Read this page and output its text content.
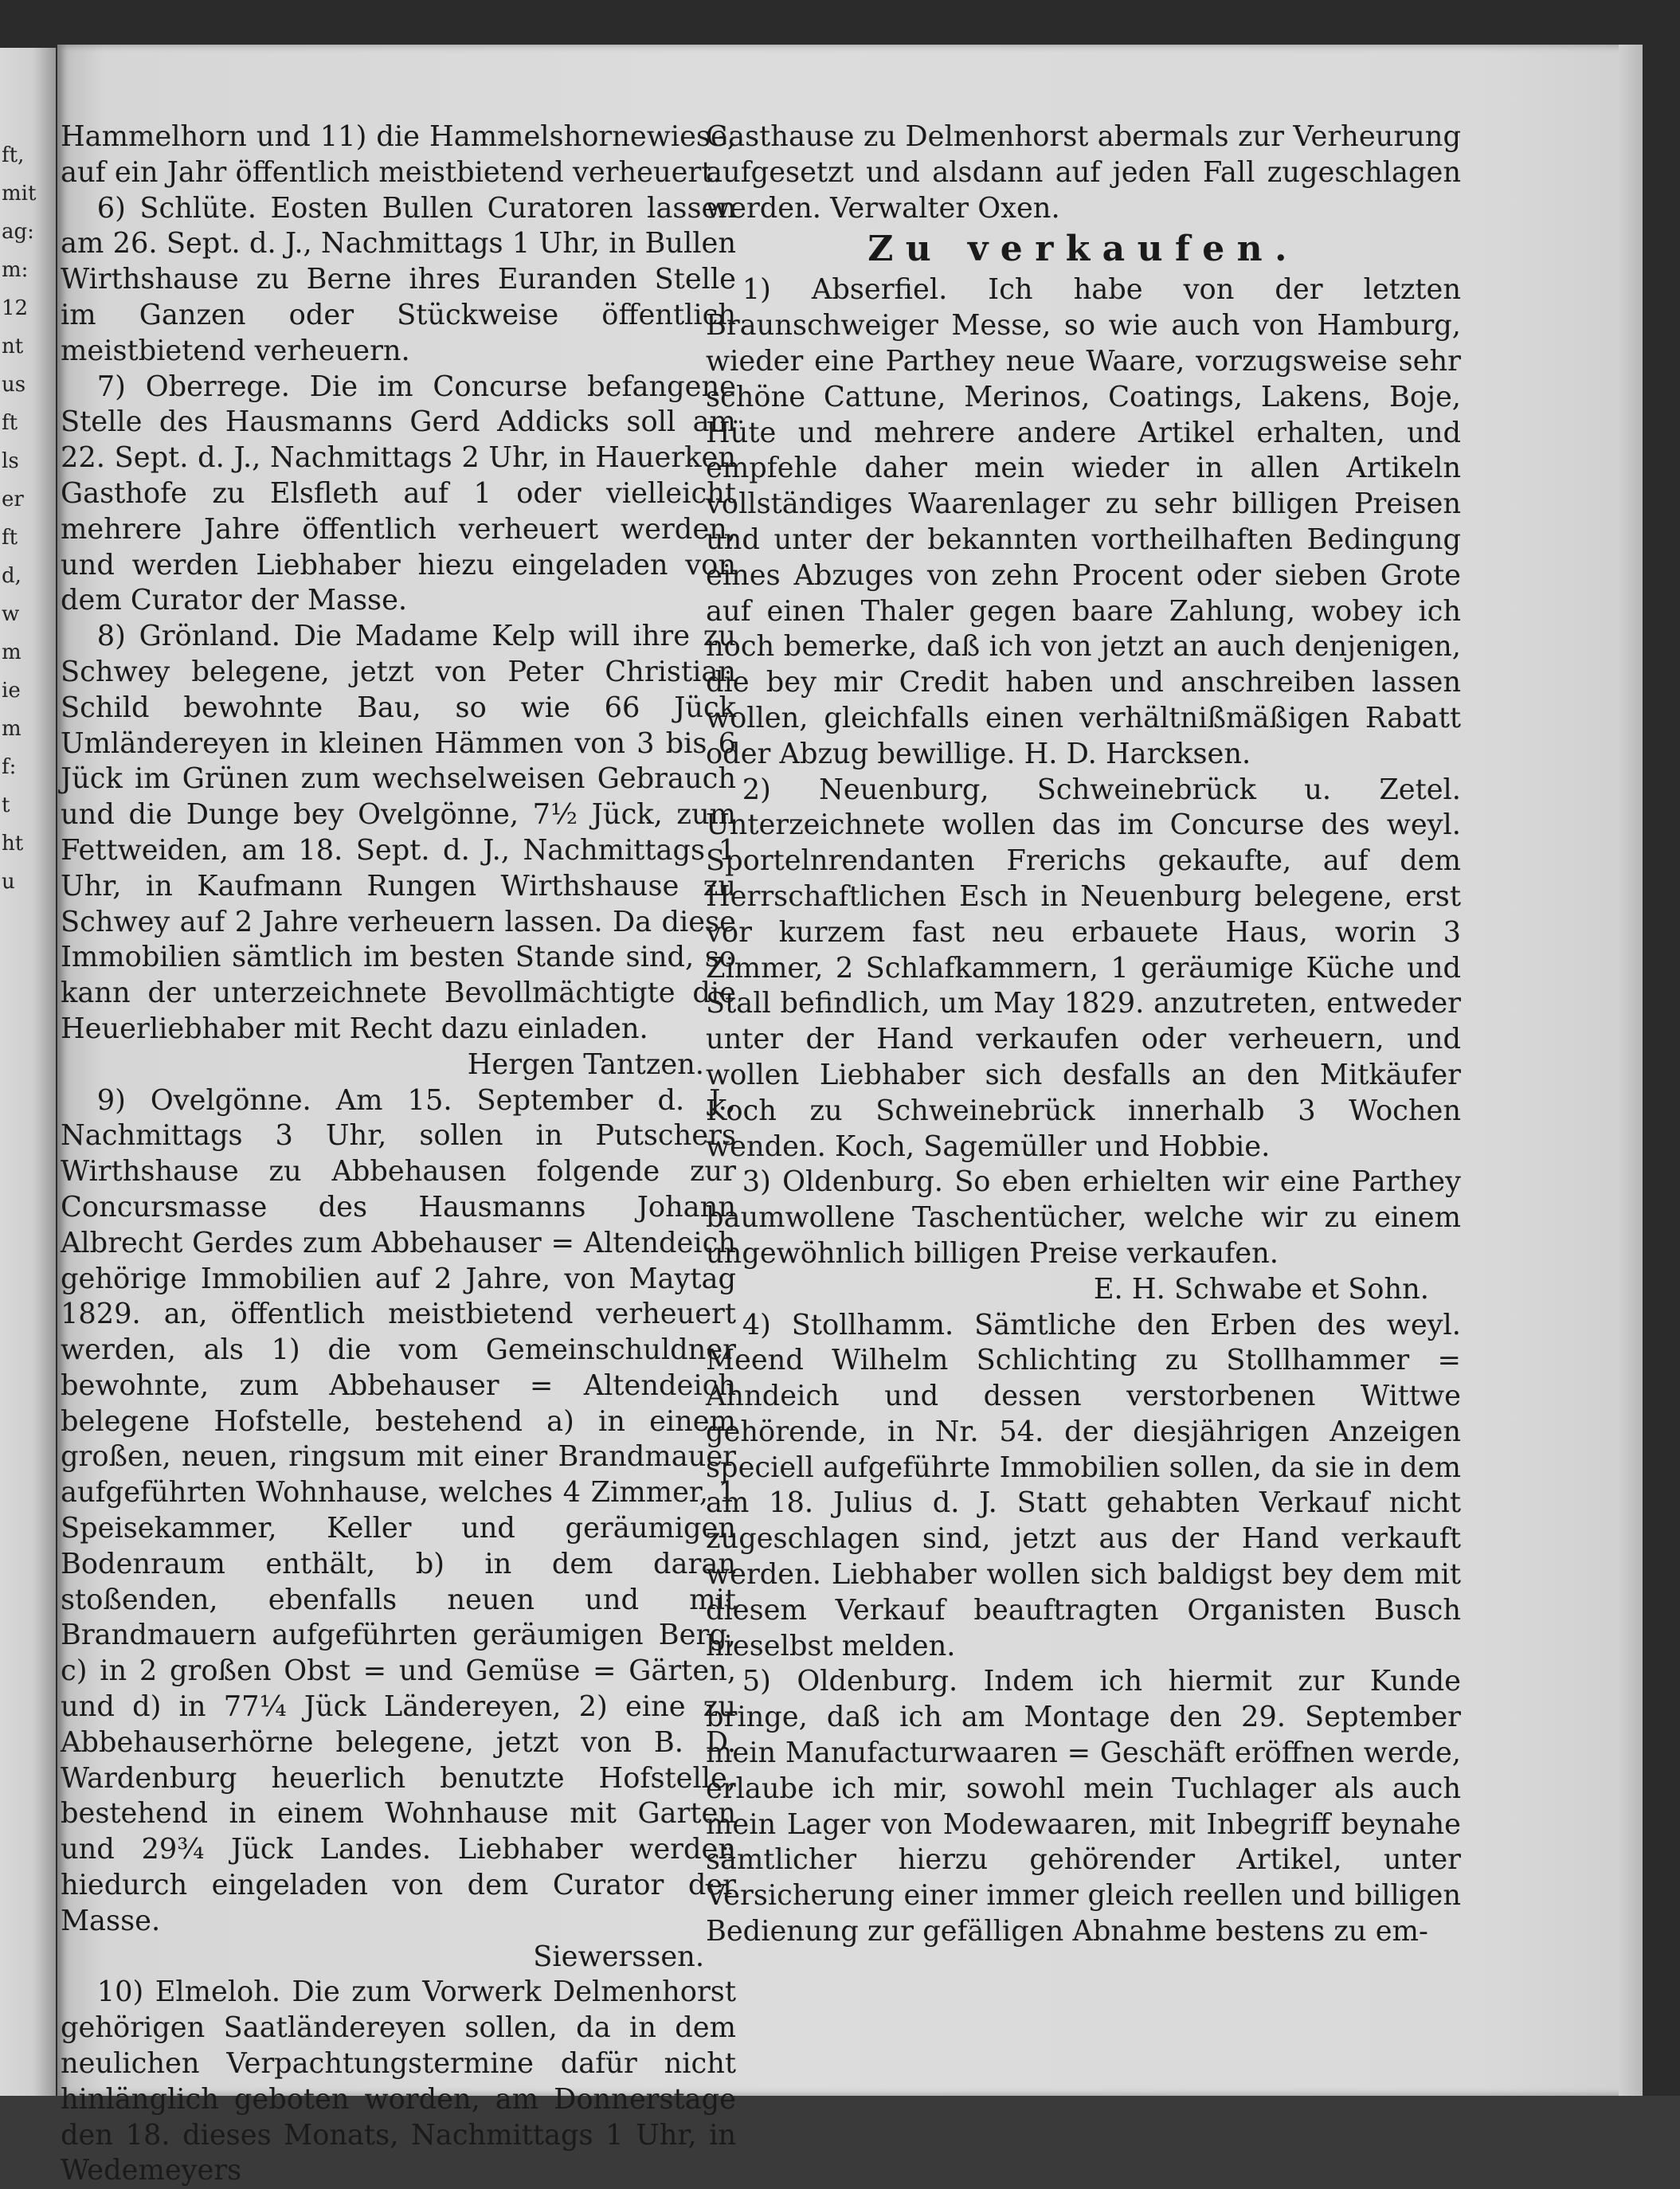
ft,
mit
ag:
m:
12
nt
us
ft
ls
er
ft
d,
w
m
ie
m
f:
t
ht
u

Hammelhorn und 11) die Hammelshornewiese, auf ein Jahr öffentlich meistbietend verheuert.

6) Schlüte. Eosten Bullen Curatoren lassen am 26. Sept. d. J., Nachmittags 1 Uhr, in Bullen Wirthshause zu Berne ihres Euranden Stelle im Ganzen oder Stückweise öffentlich meistbietend verheuern.

7) Oberrege. Die im Concurse befangene Stelle des Hausmanns Gerd Addicks soll am 22. Sept. d. J., Nachmittags 2 Uhr, in Hauerken Gasthofe zu Elsfleth auf 1 oder vielleicht mehrere Jahre öffentlich verheuert werden, und werden Liebhaber hiezu eingeladen von dem Curator der Masse.

8) Grönland. Die Madame Kelp will ihre zu Schwey belegene, jetzt von Peter Christian Schild bewohnte Bau, so wie 66 Jück Umländereyen in kleinen Hämmen von 3 bis 6 Jück im Grünen zum wechselweisen Gebrauch und die Dunge bey Ovelgönne, 7½ Jück, zum Fettweiden, am 18. Sept. d. J., Nachmittags 1 Uhr, in Kaufmann Rungen Wirthshause zu Schwey auf 2 Jahre verheuern lassen. Da diese Immobilien sämtlich im besten Stande sind, so kann der unterzeichnete Bevollmächtigte die Heuerliebhaber mit Recht dazu einladen.

Hergen Tantzen.

9) Ovelgönne. Am 15. September d. J., Nachmittags 3 Uhr, sollen in Putschers Wirthshause zu Abbehausen folgende zur Concursmasse des Hausmanns Johann Albrecht Gerdes zum Abbehauser = Altendeich gehörige Immobilien auf 2 Jahre, von Maytag 1829. an, öffentlich meistbietend verheuert werden, als 1) die vom Gemeinschuldner bewohnte, zum Abbehauser = Altendeich belegene Hofstelle, bestehend a) in einem großen, neuen, ringsum mit einer Brandmauer aufgeführten Wohnhause, welches 4 Zimmer, 1 Speisekammer, Keller und geräumigen Bodenraum enthält, b) in dem daran stoßenden, ebenfalls neuen und mit Brandmauern aufgeführten geräumigen Berg, c) in 2 großen Obst = und Gemüse = Gärten, und d) in 77¼ Jück Ländereyen, 2) eine zu Abbehauserhörne belegene, jetzt von B. D. Wardenburg heuerlich benutzte Hofstelle, bestehend in einem Wohnhause mit Garten und 29¾ Jück Landes. Liebhaber werden hiedurch eingeladen von dem Curator der Masse.

Siewerssen.

10) Elmeloh. Die zum Vorwerk Delmenhorst gehörigen Saatländereyen sollen, da in dem neulichen Verpachtungstermine dafür nicht hinlänglich geboten worden, am Donnerstage den 18. dieses Monats, Nachmittags 1 Uhr, in Wedemeyers

Gasthause zu Delmenhorst abermals zur Verheurung aufgesetzt und alsdann auf jeden Fall zugeschlagen werden. Verwalter Oxen.

Zu verkaufen.

1) Abserfiel. Ich habe von der letzten Braunschweiger Messe, so wie auch von Hamburg, wieder eine Parthey neue Waare, vorzugsweise sehr schöne Cattune, Merinos, Coatings, Lakens, Boje, Hüte und mehrere andere Artikel erhalten, und empfehle daher mein wieder in allen Artikeln vollständiges Waarenlager zu sehr billigen Preisen und unter der bekannten vortheilhaften Bedingung eines Abzuges von zehn Procent oder sieben Grote auf einen Thaler gegen baare Zahlung, wobey ich noch bemerke, daß ich von jetzt an auch denjenigen, die bey mir Credit haben und anschreiben lassen wollen, gleichfalls einen verhältnißmäßigen Rabatt oder Abzug bewillige. H. D. Harcksen.

2) Neuenburg, Schweinebrück u. Zetel. Unterzeichnete wollen das im Concurse des weyl. Sportelnrendanten Frerichs gekaufte, auf dem Herrschaftlichen Esch in Neuenburg belegene, erst vor kurzem fast neu erbauete Haus, worin 3 Zimmer, 2 Schlafkammern, 1 geräumige Küche und Stall befindlich, um May 1829. anzutreten, entweder unter der Hand verkaufen oder verheuern, und wollen Liebhaber sich desfalls an den Mitkäufer Koch zu Schweinebrück innerhalb 3 Wochen wenden. Koch, Sagemüller und Hobbie.

3) Oldenburg. So eben erhielten wir eine Parthey baumwollene Taschentücher, welche wir zu einem ungewöhnlich billigen Preise verkaufen.

E. H. Schwabe et Sohn.

4) Stollhamm. Sämtliche den Erben des weyl. Meend Wilhelm Schlichting zu Stollhammer = Ahndeich und dessen verstorbenen Wittwe gehörende, in Nr. 54. der diesjährigen Anzeigen speciell aufgeführte Immobilien sollen, da sie in dem am 18. Julius d. J. Statt gehabten Verkauf nicht zugeschlagen sind, jetzt aus der Hand verkauft werden. Liebhaber wollen sich baldigst bey dem mit diesem Verkauf beauftragten Organisten Busch hieselbst melden.

5) Oldenburg. Indem ich hiermit zur Kunde bringe, daß ich am Montage den 29. September mein Manufacturwaaren = Geschäft eröffnen werde, erlaube ich mir, sowohl mein Tuchlager als auch mein Lager von Modewaaren, mit Inbegriff beynahe sämtlicher hierzu gehörender Artikel, unter Versicherung einer immer gleich reellen und billigen Bedienung zur gefälligen Abnahme bestens zu em-
